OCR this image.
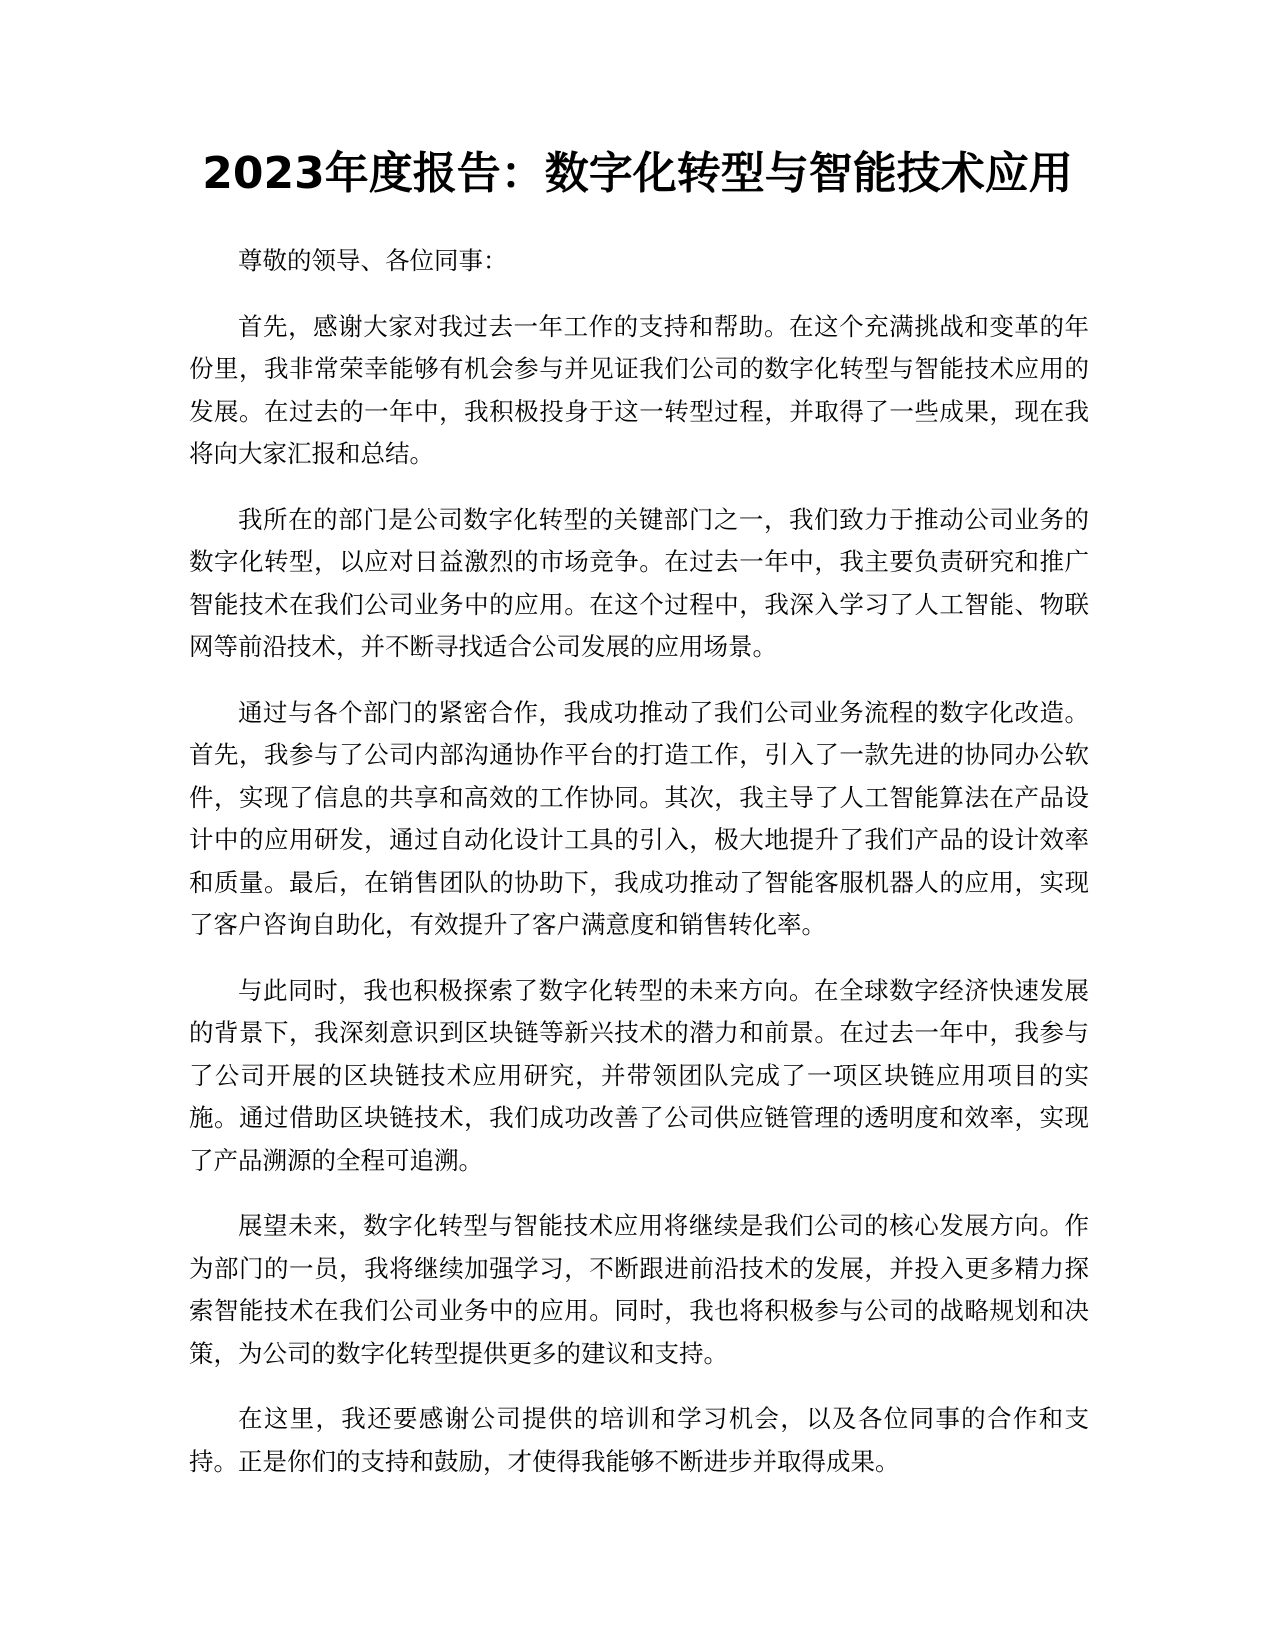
2023年度报告：数字化转型与智能技术应用

尊敬的领导、各位同事：

首先，感谢大家对我过去一年工作的支持和帮助。在这个充满挑战和变革的年份里，我非常荣幸能够有机会参与并见证我们公司的数字化转型与智能技术应用的发展。在过去的一年中，我积极投身于这一转型过程，并取得了一些成果，现在我将向大家汇报和总结。

我所在的部门是公司数字化转型的关键部门之一，我们致力于推动公司业务的数字化转型，以应对日益激烈的市场竞争。在过去一年中，我主要负责研究和推广智能技术在我们公司业务中的应用。在这个过程中，我深入学习了人工智能、物联网等前沿技术，并不断寻找适合公司发展的应用场景。

通过与各个部门的紧密合作，我成功推动了我们公司业务流程的数字化改造。首先，我参与了公司内部沟通协作平台的打造工作，引入了一款先进的协同办公软件，实现了信息的共享和高效的工作协同。其次，我主导了人工智能算法在产品设计中的应用研发，通过自动化设计工具的引入，极大地提升了我们产品的设计效率和质量。最后，在销售团队的协助下，我成功推动了智能客服机器人的应用，实现了客户咨询自助化，有效提升了客户满意度和销售转化率。

与此同时，我也积极探索了数字化转型的未来方向。在全球数字经济快速发展的背景下，我深刻意识到区块链等新兴技术的潜力和前景。在过去一年中，我参与了公司开展的区块链技术应用研究，并带领团队完成了一项区块链应用项目的实施。通过借助区块链技术，我们成功改善了公司供应链管理的透明度和效率，实现了产品溯源的全程可追溯。

展望未来，数字化转型与智能技术应用将继续是我们公司的核心发展方向。作为部门的一员，我将继续加强学习，不断跟进前沿技术的发展，并投入更多精力探索智能技术在我们公司业务中的应用。同时，我也将积极参与公司的战略规划和决策，为公司的数字化转型提供更多的建议和支持。

在这里，我还要感谢公司提供的培训和学习机会，以及各位同事的合作和支持。正是你们的支持和鼓励，才使得我能够不断进步并取得成果。
